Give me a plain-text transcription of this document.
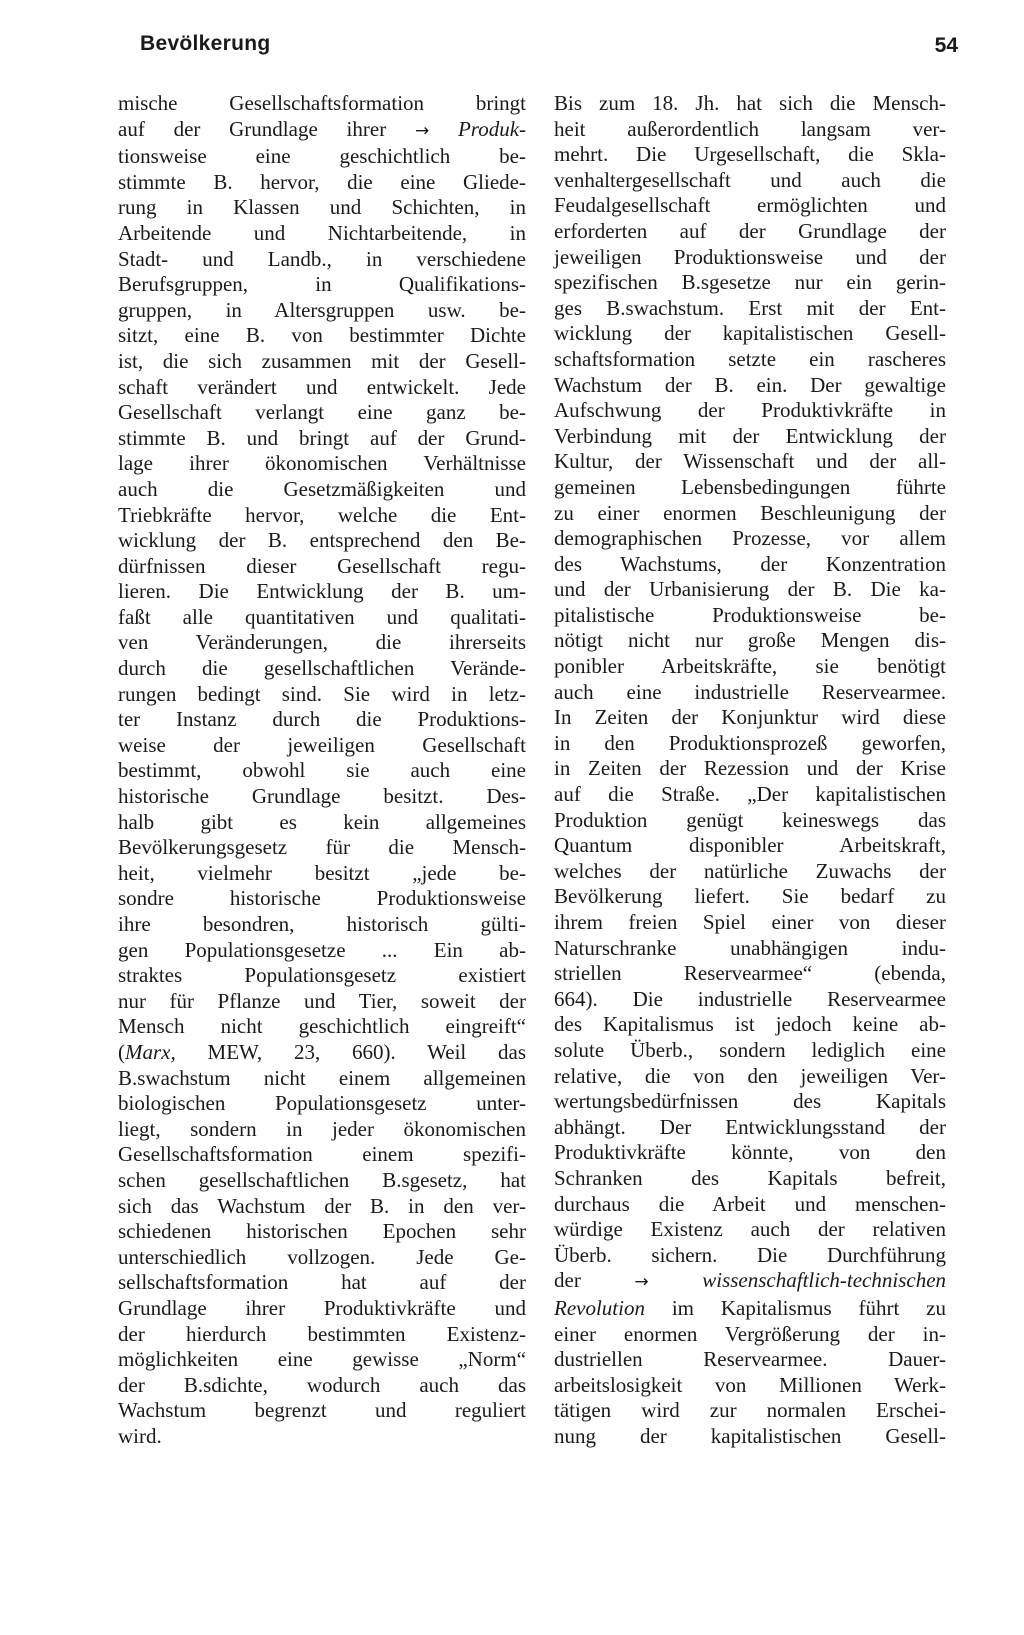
Bevölkerung	54
mische Gesellschaftsformation bringt
auf der Grundlage ihrer → Produk-
tionsweise eine geschichtlich be-
stimmte B. hervor, die eine Gliede-
rung in Klassen und Schichten, in
Arbeitende und Nichtarbeitende, in
Stadt- und Landb., in verschiedene
Berufsgruppen, in Qualifikations-
gruppen, in Altersgruppen usw. be-
sitzt, eine B. von bestimmter Dichte
ist, die sich zusammen mit der Gesell-
schaft verändert und entwickelt. Jede
Gesellschaft verlangt eine ganz be-
stimmte B. und bringt auf der Grund-
lage ihrer ökonomischen Verhältnisse
auch die Gesetzmäßigkeiten und
Triebkräfte hervor, welche die Ent-
wicklung der B. entsprechend den Be-
dürfnissen dieser Gesellschaft regu-
lieren. Die Entwicklung der B. um-
faßt alle quantitativen und qualitati-
ven Veränderungen, die ihrerseits
durch die gesellschaftlichen Verände-
rungen bedingt sind. Sie wird in letz-
ter Instanz durch die Produktions-
weise der jeweiligen Gesellschaft
bestimmt, obwohl sie auch eine
historische Grundlage besitzt. Des-
halb gibt es kein allgemeines
Bevölkerungsgesetz für die Mensch-
heit, vielmehr besitzt „jede be-
sondre historische Produktionsweise
ihre besondren, historisch gülti-
gen Populationsgesetze ... Ein ab-
straktes Populationsgesetz existiert
nur für Pflanze und Tier, soweit der
Mensch nicht geschichtlich eingreift“
(Marx, MEW, 23, 660). Weil das
B.swachstum nicht einem allgemeinen
biologischen Populationsgesetz unter-
liegt, sondern in jeder ökonomischen
Gesellschaftsformation einem spezifi-
schen gesellschaftlichen B.sgesetz, hat
sich das Wachstum der B. in den ver-
schiedenen historischen Epochen sehr
unterschiedlich vollzogen. Jede Ge-
sellschaftsformation hat auf der
Grundlage ihrer Produktivkräfte und
der hierdurch bestimmten Existenz-
möglichkeiten eine gewisse „Norm“
der B.sdichte, wodurch auch das
Wachstum begrenzt und reguliert
wird.
Bis zum 18. Jh. hat sich die Mensch-
heit außerordentlich langsam ver-
mehrt. Die Urgesellschaft, die Skla-
venhaltergesellschaft und auch die
Feudalgesellschaft ermöglichten und
erforderten auf der Grundlage der
jeweiligen Produktionsweise und der
spezifischen B.sgesetze nur ein gerin-
ges B.swachstum. Erst mit der Ent-
wicklung der kapitalistischen Gesell-
schaftsformation setzte ein rascheres
Wachstum der B. ein. Der gewaltige
Aufschwung der Produktivkräfte in
Verbindung mit der Entwicklung der
Kultur, der Wissenschaft und der all-
gemeinen Lebensbedingungen führte
zu einer enormen Beschleunigung der
demographischen Prozesse, vor allem
des Wachstums, der Konzentration
und der Urbanisierung der B. Die ka-
pitalistische Produktionsweise be-
nötigt nicht nur große Mengen dis-
ponibler Arbeitskräfte, sie benötigt
auch eine industrielle Reservearmee.
In Zeiten der Konjunktur wird diese
in den Produktionsprozeß geworfen,
in Zeiten der Rezession und der Krise
auf die Straße. „Der kapitalistischen
Produktion genügt keineswegs das
Quantum disponibler Arbeitskraft,
welches der natürliche Zuwachs der
Bevölkerung liefert. Sie bedarf zu
ihrem freien Spiel einer von dieser
Naturschranke unabhängigen indu-
striellen Reservearmee“ (ebenda,
664). Die industrielle Reservearmee
des Kapitalismus ist jedoch keine ab-
solute Überb., sondern lediglich eine
relative, die von den jeweiligen Ver-
wertungsbedürfnissen des Kapitals
abhängt. Der Entwicklungsstand der
Produktivkräfte könnte, von den
Schranken des Kapitals befreit,
durchaus die Arbeit und menschen-
würdige Existenz auch der relativen
Überb. sichern. Die Durchführung
der	→	wissenschaftlich-technischen
Revolution im Kapitalismus führt zu
einer enormen Vergrößerung der in-
dustriellen Reservearmee. Dauer-
arbeitslosigkeit von Millionen Werk-
tätigen wird zur normalen Erschei-
nung der kapitalistischen Gesell-
